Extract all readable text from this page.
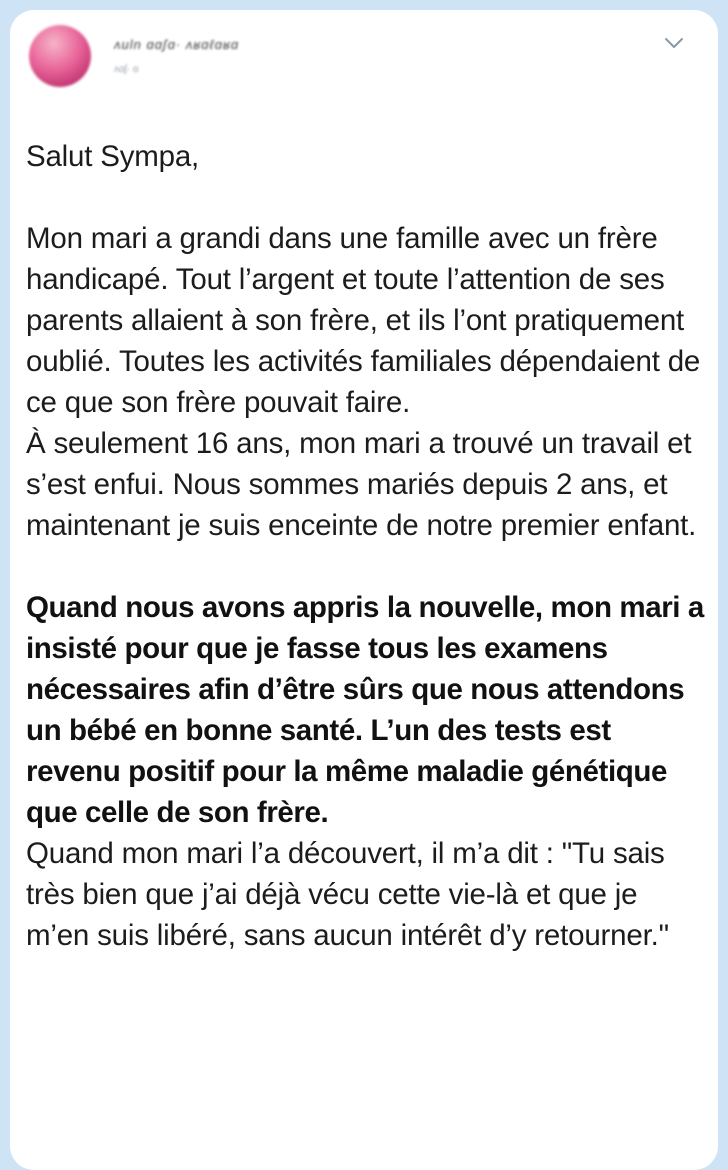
ʌuln ɑɑʃɑ· ʌʁɑℓɑʁɑ
ʌɑʃ· ɑ

Salut Sympa,

Mon mari a grandi dans une famille avec un frère handicapé. Tout l’argent et toute l’attention de ses parents allaient à son frère, et ils l’ont pratiquement oublié. Toutes les activités familiales dépendaient de ce que son frère pouvait faire.

À seulement 16 ans, mon mari a trouvé un travail et s’est enfui. Nous sommes mariés depuis 2 ans, et maintenant je suis enceinte de notre premier enfant.

Quand nous avons appris la nouvelle, mon mari a insisté pour que je fasse tous les examens nécessaires afin d’être sûrs que nous attendons un bébé en bonne santé. L’un des tests est revenu positif pour la même maladie génétique que celle de son frère.

Quand mon mari l’a découvert, il m’a dit : "Tu sais très bien que j’ai déjà vécu cette vie-là et que je m’en suis libéré, sans aucun intérêt d’y retourner."
